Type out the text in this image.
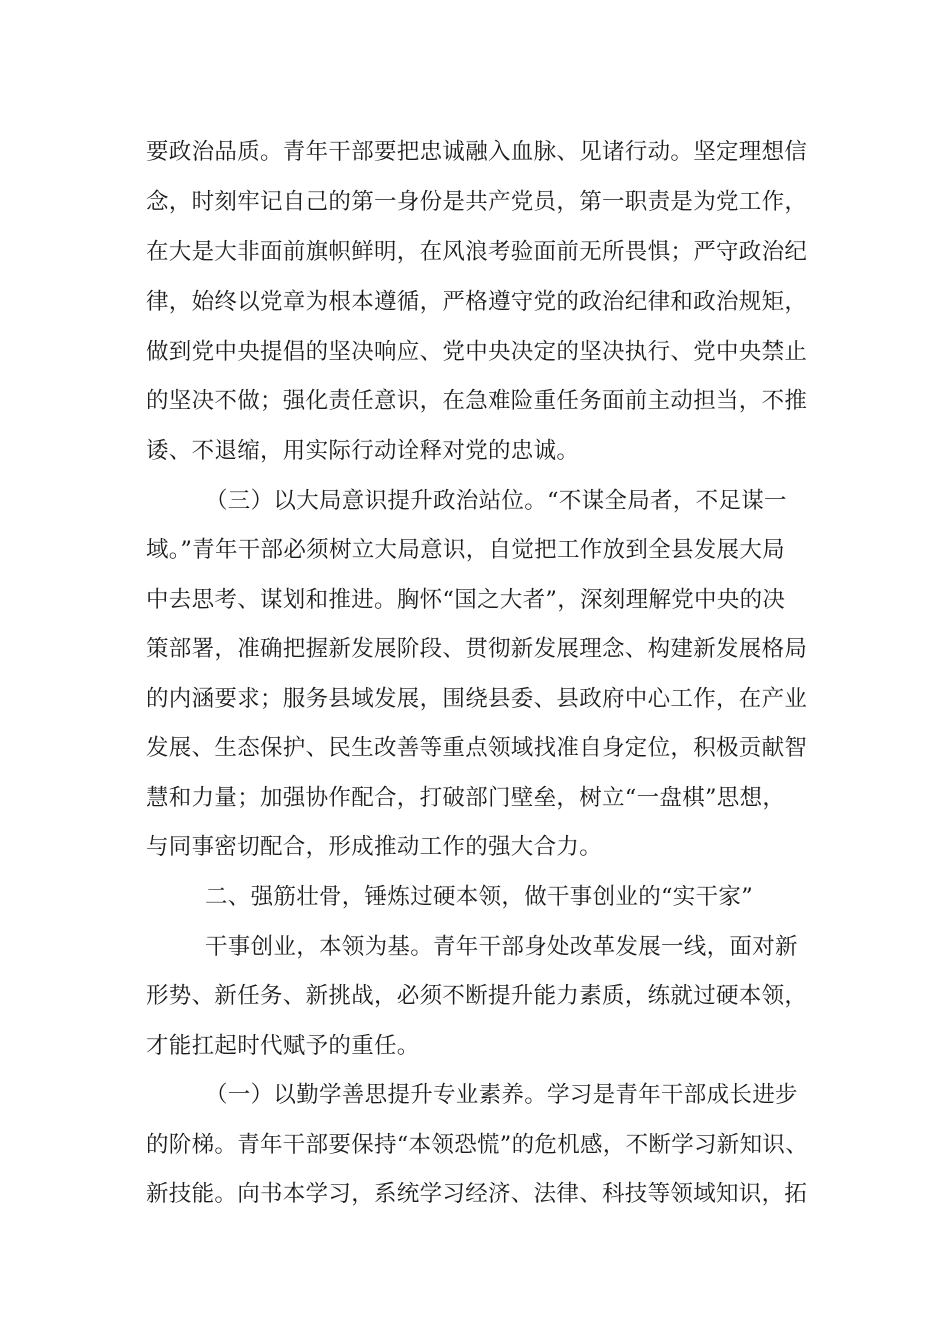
要政治品质。青年干部要把忠诚融入血脉、见诸行动。坚定理想信

念，时刻牢记自己的第一身份是共产党员，第一职责是为党工作，

在大是大非面前旗帜鲜明，在风浪考验面前无所畏惧；严守政治纪

律，始终以党章为根本遵循，严格遵守党的政治纪律和政治规矩，

做到党中央提倡的坚决响应、党中央决定的坚决执行、党中央禁止

的坚决不做；强化责任意识，在急难险重任务面前主动担当，不推

诿、不退缩，用实际行动诠释对党的忠诚。

（三）以大局意识提升政治站位。“不谋全局者，不足谋一

域。”青年干部必须树立大局意识，自觉把工作放到全县发展大局

中去思考、谋划和推进。胸怀“国之大者”，深刻理解党中央的决

策部署，准确把握新发展阶段、贯彻新发展理念、构建新发展格局

的内涵要求；服务县域发展，围绕县委、县政府中心工作，在产业

发展、生态保护、民生改善等重点领域找准自身定位，积极贡献智

慧和力量；加强协作配合，打破部门壁垒，树立“一盘棋”思想，

与同事密切配合，形成推动工作的强大合力。

二、强筋壮骨，锤炼过硬本领，做干事创业的“实干家”

干事创业，本领为基。青年干部身处改革发展一线，面对新

形势、新任务、新挑战，必须不断提升能力素质，练就过硬本领，

才能扛起时代赋予的重任。

（一）以勤学善思提升专业素养。学习是青年干部成长进步

的阶梯。青年干部要保持“本领恐慌”的危机感，不断学习新知识、

新技能。向书本学习，系统学习经济、法律、科技等领域知识，拓
